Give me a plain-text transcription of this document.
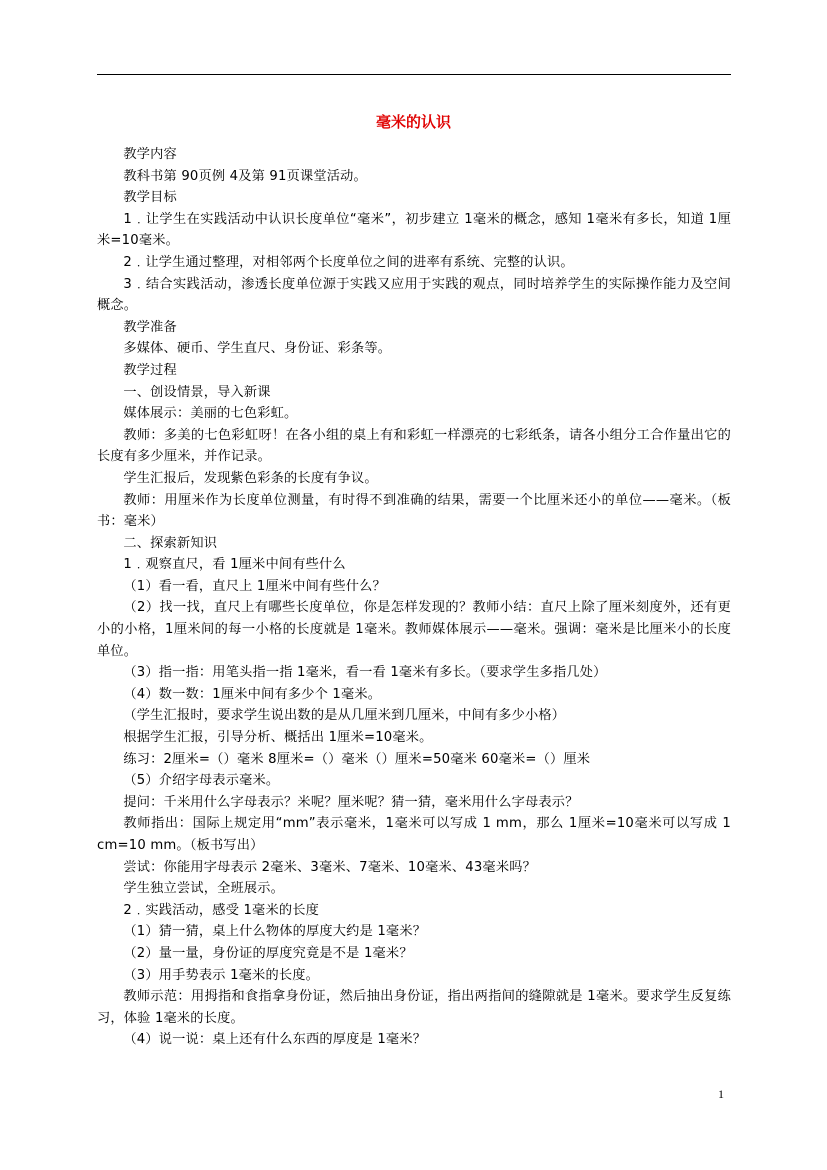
毫米的认识

教学内容

教科书第 90页例 4及第 91页课堂活动。

教学目标

1﹒让学生在实践活动中认识长度单位“毫米”，初步建立 1毫米的概念，感知 1毫米有多长，知道 1厘米=10毫米。

2﹒让学生通过整理，对相邻两个长度单位之间的进率有系统、完整的认识。

3﹒结合实践活动，渗透长度单位源于实践又应用于实践的观点，同时培养学生的实际操作能力及空间概念。

教学准备

多媒体、硬币、学生直尺、身份证、彩条等。

教学过程

一、创设情景，导入新课

媒体展示：美丽的七色彩虹。

教师：多美的七色彩虹呀！在各小组的桌上有和彩虹一样漂亮的七彩纸条，请各小组分工合作量出它的长度有多少厘米，并作记录。

学生汇报后，发现紫色彩条的长度有争议。

教师：用厘米作为长度单位测量，有时得不到准确的结果，需要一个比厘米还小的单位——毫米。（板书：毫米）

二、探索新知识

1﹒观察直尺，看 1厘米中间有些什么

（1）看一看，直尺上 1厘米中间有些什么？

（2）找一找，直尺上有哪些长度单位，你是怎样发现的？教师小结：直尺上除了厘米刻度外，还有更小的小格，1厘米间的每一小格的长度就是 1毫米。教师媒体展示——毫米。强调：毫米是比厘米小的长度单位。

（3）指一指：用笔头指一指 1毫米，看一看 1毫米有多长。（要求学生多指几处）

（4）数一数：1厘米中间有多少个 1毫米。

（学生汇报时，要求学生说出数的是从几厘米到几厘米，中间有多少小格）

根据学生汇报，引导分析、概括出 1厘米=10毫米。

练习：2厘米=（）毫米 8厘米=（）毫米（）厘米=50毫米 60毫米=（）厘米

（5）介绍字母表示毫米。

提问：千米用什么字母表示？米呢？厘米呢？猜一猜，毫米用什么字母表示？

教师指出：国际上规定用“mm”表示毫米，1毫米可以写成 1 mm，那么 1厘米=10毫米可以写成 1 cm=10 mm。（板书写出）

尝试：你能用字母表示 2毫米、3毫米、7毫米、10毫米、43毫米吗？

学生独立尝试，全班展示。

2﹒实践活动，感受 1毫米的长度

（1）猜一猜，桌上什么物体的厚度大约是 1毫米？

（2）量一量，身份证的厚度究竟是不是 1毫米？

（3）用手势表示 1毫米的长度。

教师示范：用拇指和食指拿身份证，然后抽出身份证，指出两指间的缝隙就是 1毫米。要求学生反复练习，体验 1毫米的长度。

（4）说一说：桌上还有什么东西的厚度是 1毫米？

1
